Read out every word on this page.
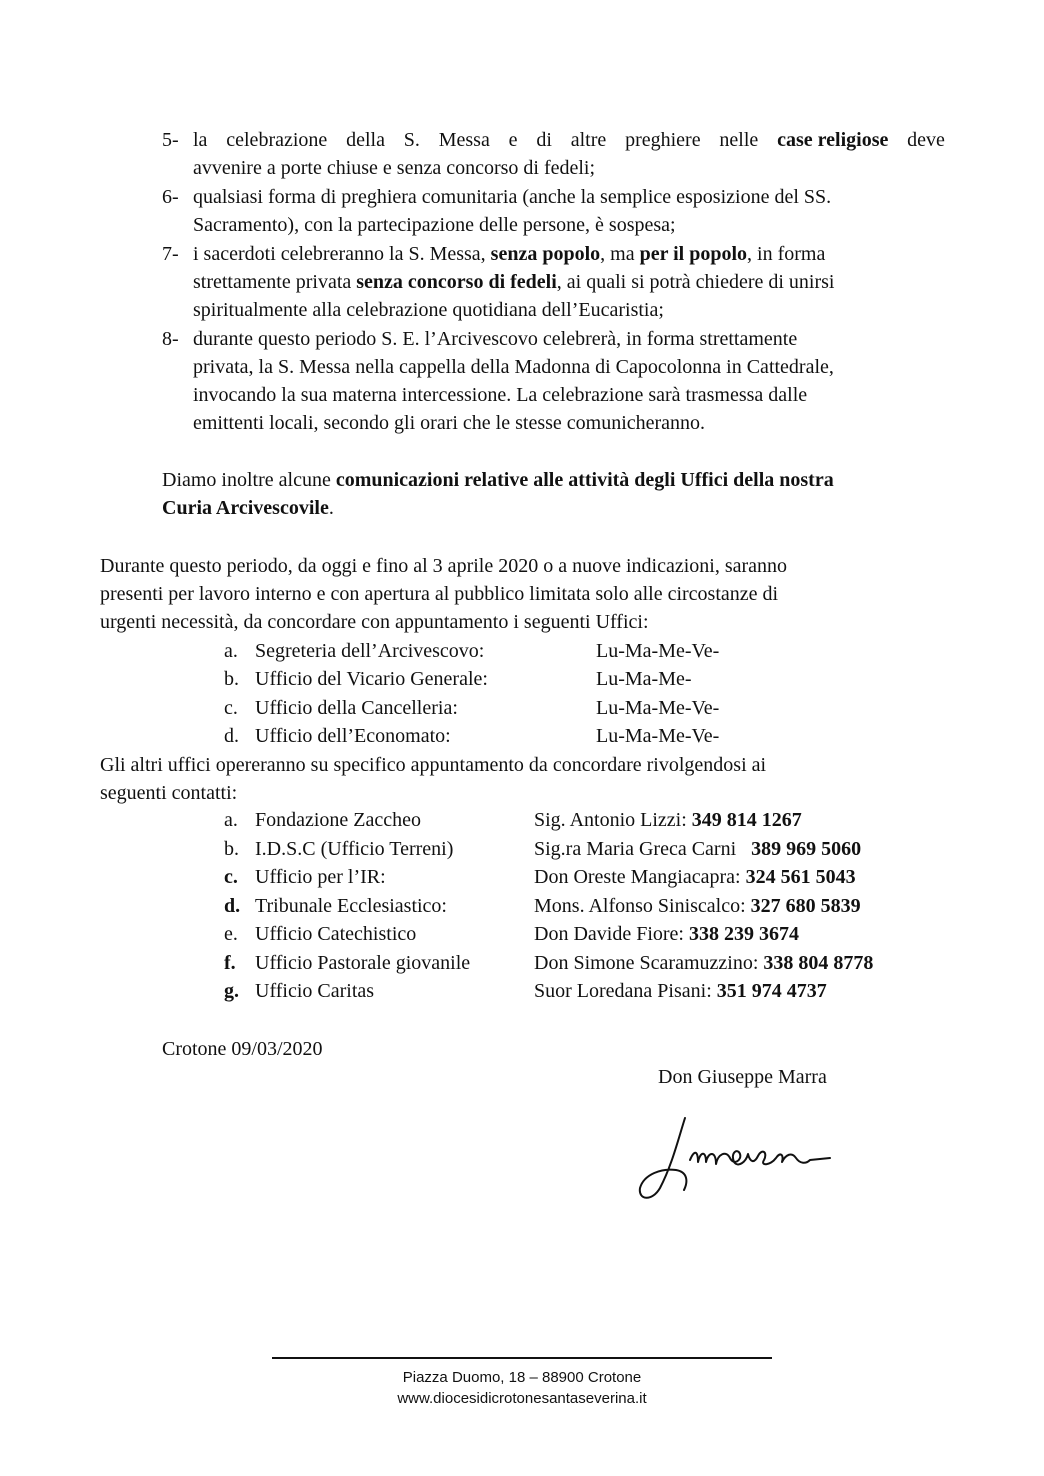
5- la celebrazione della S. Messa e di altre preghiere nelle case religiose deve
avvenire a porte chiuse e senza concorso di fedeli;
6- qualsiasi forma di preghiera comunitaria (anche la semplice esposizione del SS.
Sacramento), con la partecipazione delle persone, è sospesa;
7- i sacerdoti celebreranno la S. Messa, senza popolo, ma per il popolo, in forma
strettamente privata senza concorso di fedeli, ai quali si potrà chiedere di unirsi
spiritualmente alla celebrazione quotidiana dell’Eucaristia;
8- durante questo periodo S. E. l’Arcivescovo celebrerà, in forma strettamente
privata, la S. Messa nella cappella della Madonna di Capocolonna in Cattedrale,
invocando la sua materna intercessione. La celebrazione sarà trasmessa dalle
emittenti locali, secondo gli orari che le stesse comunicheranno.
Diamo inoltre alcune comunicazioni relative alle attività degli Uffici della nostra
Curia Arcivescovile.
Durante questo periodo, da oggi e fino al 3 aprile 2020 o a nuove indicazioni, saranno
presenti per lavoro interno e con apertura al pubblico limitata solo alle circostanze di
urgenti necessità, da concordare con appuntamento i seguenti Uffici:
a. Segreteria dell’Arcivescovo:	Lu-Ma-Me-Ve-
b. Ufficio del Vicario Generale:	Lu-Ma-Me-
c. Ufficio della Cancelleria:	Lu-Ma-Me-Ve-
d. Ufficio dell’Economato:	Lu-Ma-Me-Ve-
Gli altri uffici opereranno su specifico appuntamento da concordare rivolgendosi ai
seguenti contatti:
a. Fondazione Zaccheo	Sig. Antonio Lizzi: 349 814 1267
b. I.D.S.C (Ufficio Terreni)	Sig.ra Maria Greca Carni 389 969 5060
c. Ufficio per l’IR:	Don Oreste Mangiacapra: 324 561 5043
d. Tribunale Ecclesiastico:	Mons. Alfonso Siniscalco: 327 680 5839
e. Ufficio Catechistico	Don Davide Fiore: 338 239 3674
f. Ufficio Pastorale giovanile	Don Simone Scaramuzzino: 338 804 8778
g. Ufficio Caritas	Suor Loredana Pisani: 351 974 4737
Crotone 09/03/2020
Don Giuseppe Marra
Piazza Duomo, 18 – 88900 Crotone
www.diocesidicrotonesantaseverina.it
